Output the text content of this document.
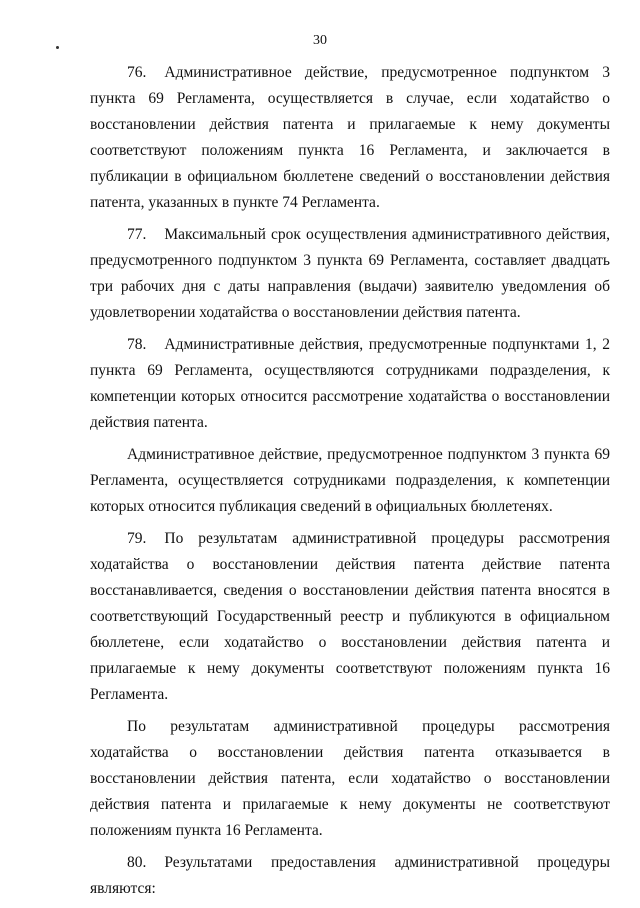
30

76. Административное действие, предусмотренное подпунктом 3 пункта 69 Регламента, осуществляется в случае, если ходатайство о восстановлении действия патента и прилагаемые к нему документы соответствуют положениям пункта 16 Регламента, и заключается в публикации в официальном бюллетене сведений о восстановлении действия патента, указанных в пункте 74 Регламента.

77. Максимальный срок осуществления административного действия, предусмотренного подпунктом 3 пункта 69 Регламента, составляет двадцать три рабочих дня с даты направления (выдачи) заявителю уведомления об удовлетворении ходатайства о восстановлении действия патента.

78. Административные действия, предусмотренные подпунктами 1, 2 пункта 69 Регламента, осуществляются сотрудниками подразделения, к компетенции которых относится рассмотрение ходатайства о восстановлении действия патента.

Административное действие, предусмотренное подпунктом 3 пункта 69 Регламента, осуществляется сотрудниками подразделения, к компетенции которых относится публикация сведений в официальных бюллетенях.

79. По результатам административной процедуры рассмотрения ходатайства о восстановлении действия патента действие патента восстанавливается, сведения о восстановлении действия патента вносятся в соответствующий Государственный реестр и публикуются в официальном бюллетене, если ходатайство о восстановлении действия патента и прилагаемые к нему документы соответствуют положениям пункта 16 Регламента.

По результатам административной процедуры рассмотрения ходатайства о восстановлении действия патента отказывается в восстановлении действия патента, если ходатайство о восстановлении действия патента и прилагаемые к нему документы не соответствуют положениям пункта 16 Регламента.

80. Результатами предоставления административной процедуры являются:
